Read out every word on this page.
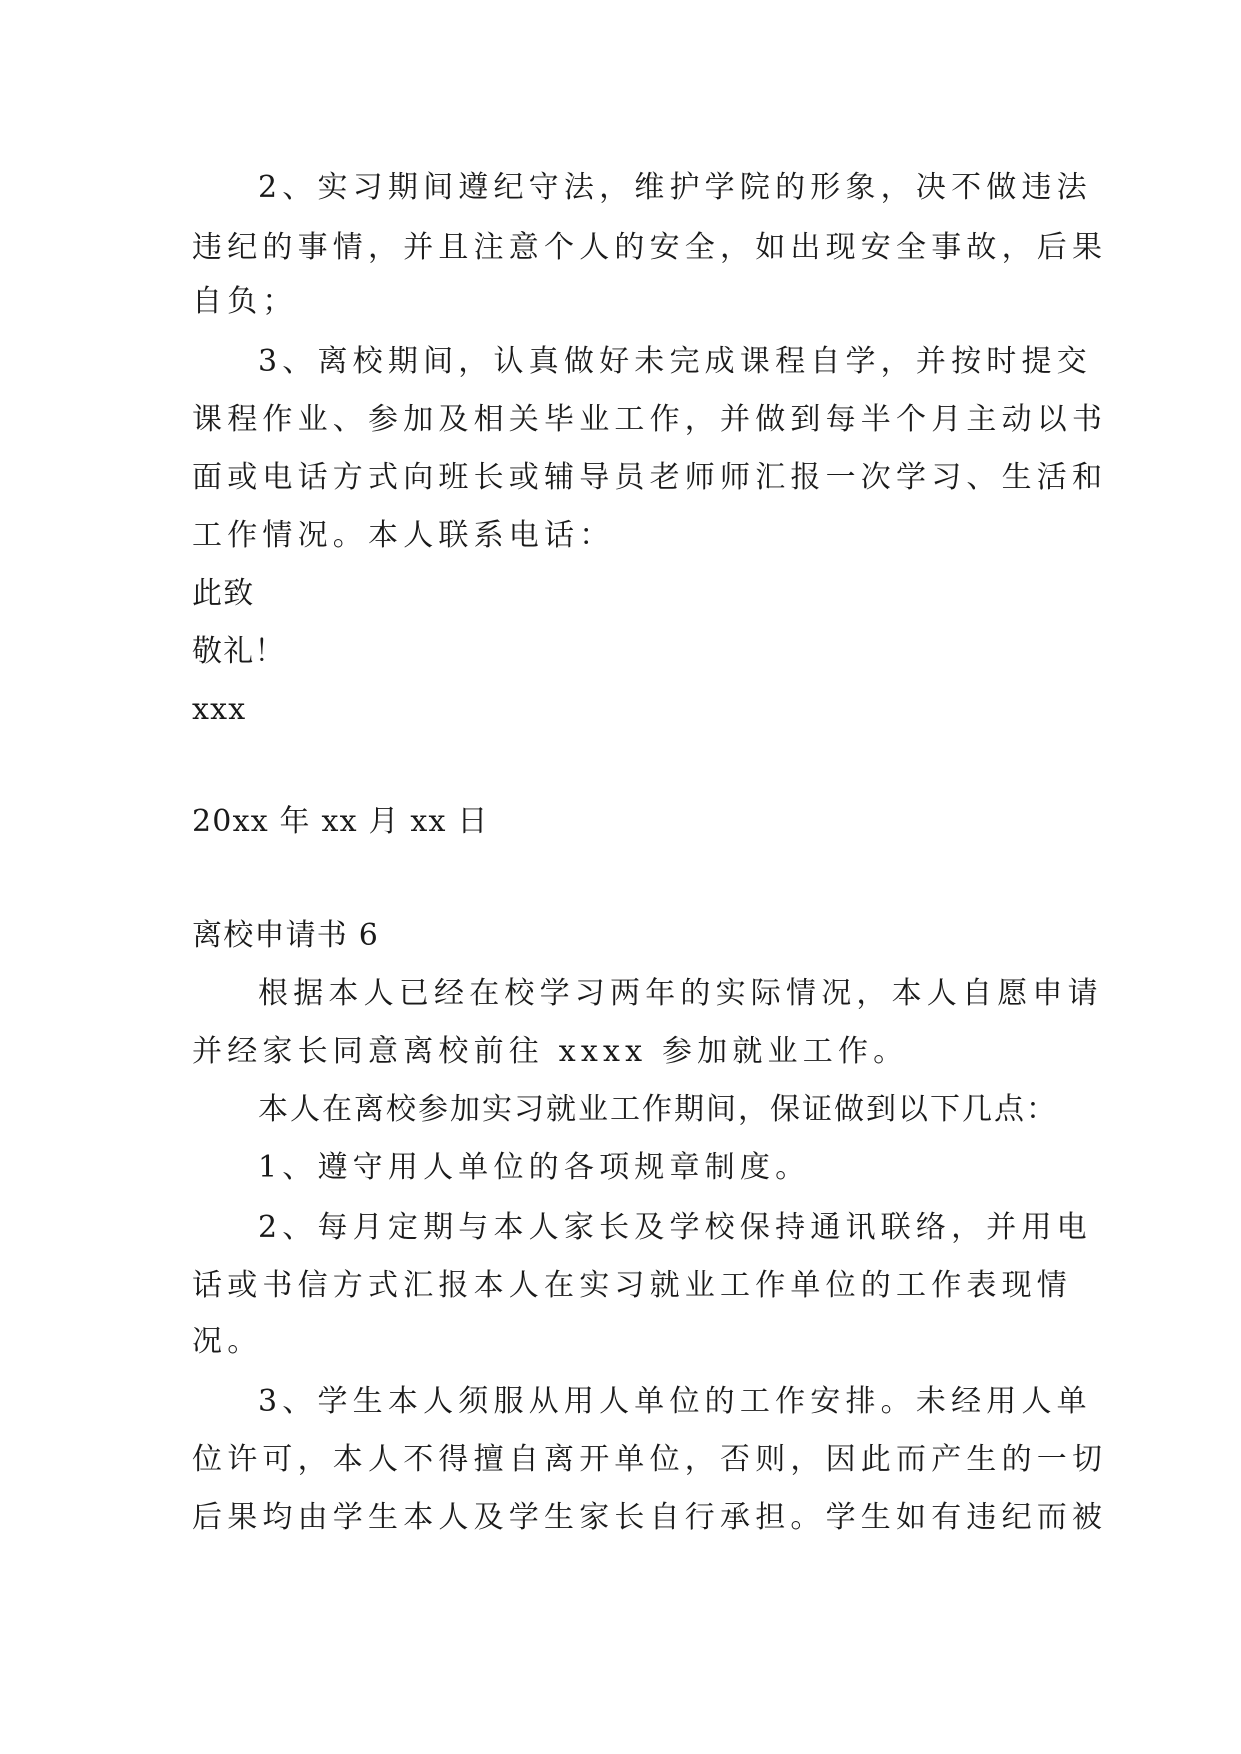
2、实习期间遵纪守法，维护学院的形象，决不做违法
违纪的事情，并且注意个人的安全，如出现安全事故，后果
自负；
3、离校期间，认真做好未完成课程自学，并按时提交
课程作业、参加及相关毕业工作，并做到每半个月主动以书
面或电话方式向班长或辅导员老师师汇报一次学习、生活和
工作情况。本人联系电话：
此致
敬礼！
xxx
20xx 年 xx 月 xx 日
离校申请书 6
根据本人已经在校学习两年的实际情况，本人自愿申请
并经家长同意离校前往 xxxx 参加就业工作。
本人在离校参加实习就业工作期间，保证做到以下几点：
1、遵守用人单位的各项规章制度。
2、每月定期与本人家长及学校保持通讯联络，并用电
话或书信方式汇报本人在实习就业工作单位的工作表现情
况。
3、学生本人须服从用人单位的工作安排。未经用人单
位许可，本人不得擅自离开单位，否则，因此而产生的一切
后果均由学生本人及学生家长自行承担。学生如有违纪而被
